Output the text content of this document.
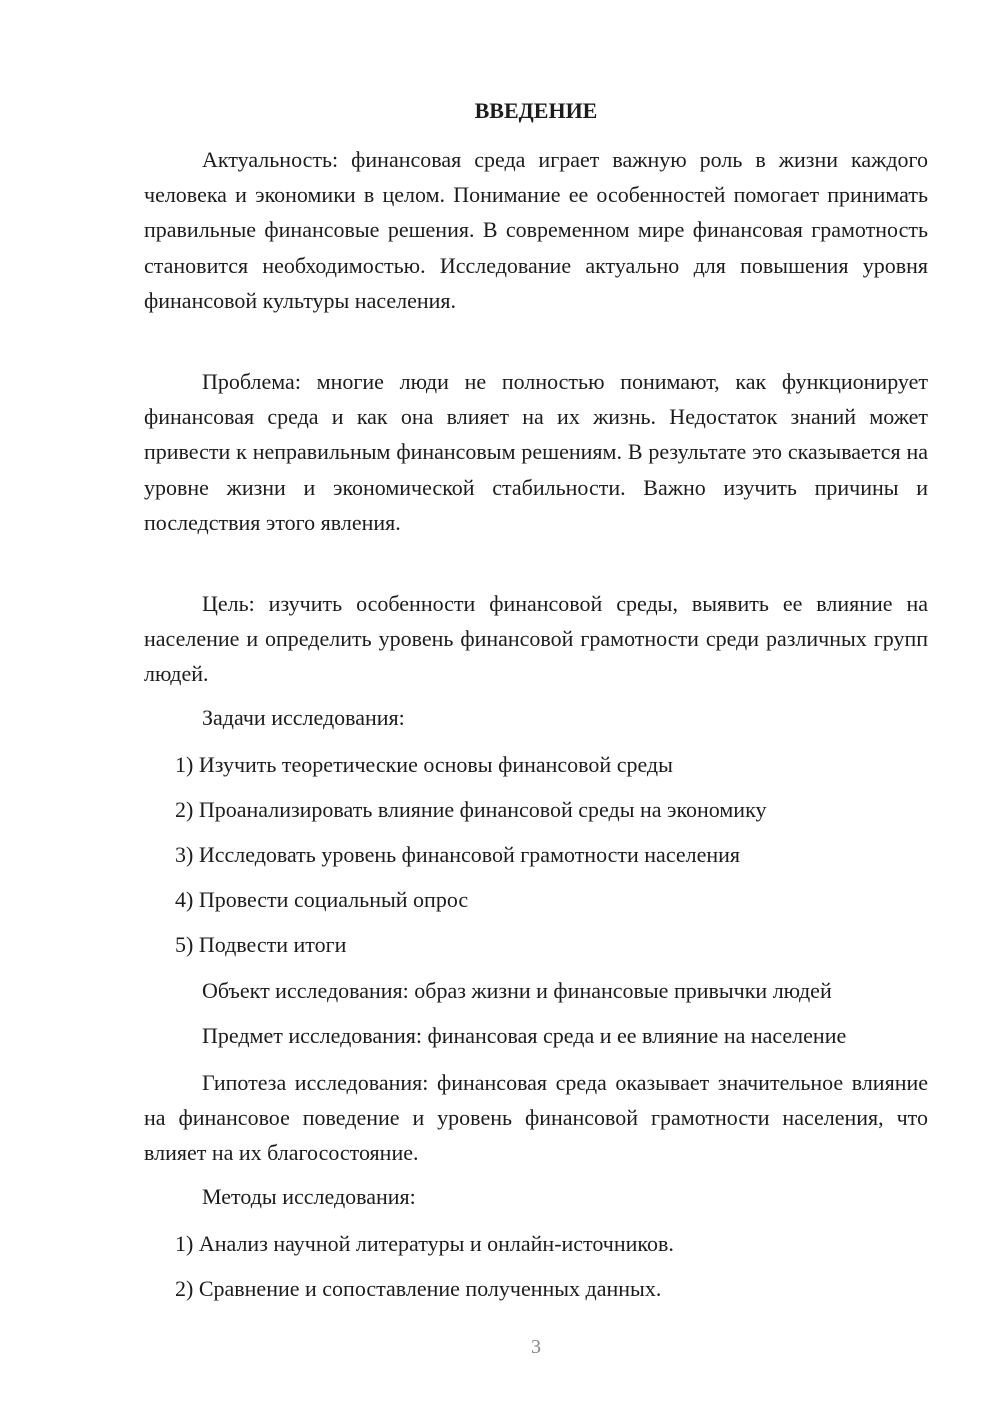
ВВЕДЕНИЕ

Актуальность: финансовая среда играет важную роль в жизни каждого человека и экономики в целом. Понимание ее особенностей помогает принимать правильные финансовые решения. В современном мире финансовая грамотность становится необходимостью. Исследование актуально для повышения уровня финансовой культуры населения.

Проблема: многие люди не полностью понимают, как функционирует финансовая среда и как она влияет на их жизнь. Недостаток знаний может привести к неправильным финансовым решениям. В результате это сказывается на уровне жизни и экономической стабильности. Важно изучить причины и последствия этого явления.

Цель: изучить особенности финансовой среды, выявить ее влияние на население и определить уровень финансовой грамотности среди различных групп людей.

Задачи исследования:

1) Изучить теоретические основы финансовой среды

2) Проанализировать влияние финансовой среды на экономику

3) Исследовать уровень финансовой грамотности населения

4) Провести социальный опрос

5) Подвести итоги

Объект исследования: образ жизни и финансовые привычки людей

Предмет исследования: финансовая среда и ее влияние на население

Гипотеза исследования: финансовая среда оказывает значительное влияние на финансовое поведение и уровень финансовой грамотности населения, что влияет на их благосостояние.

Методы исследования:

1) Анализ научной литературы и онлайн-источников.

2) Сравнение и сопоставление полученных данных.

3
